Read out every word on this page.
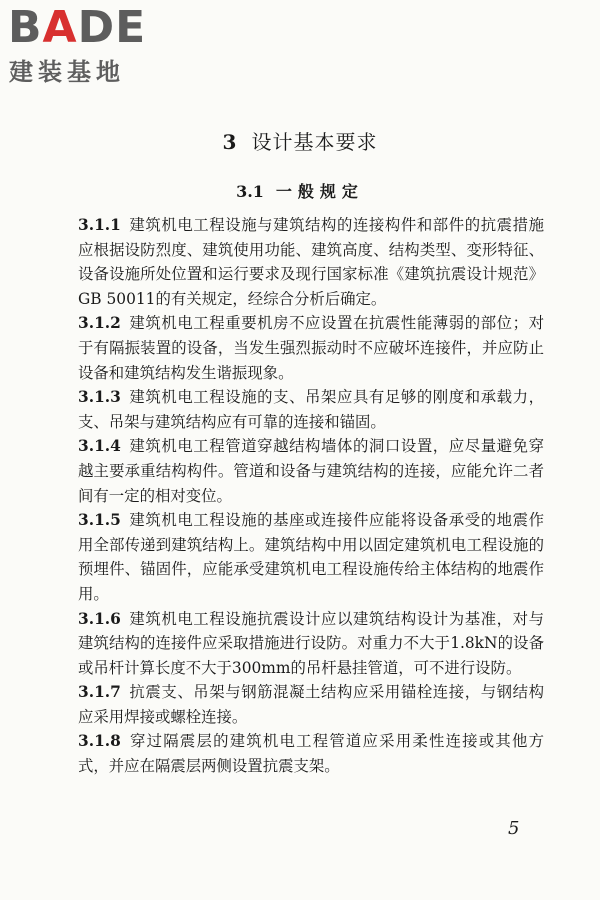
BADE
建装基地
3 设计基本要求
3.1 一般规定

3.1.1 建筑机电工程设施与建筑结构的连接构件和部件的抗震措施应根据设防烈度、建筑使用功能、建筑高度、结构类型、变形特征、设备设施所处位置和运行要求及现行国家标准《建筑抗震设计规范》GB 50011的有关规定，经综合分析后确定。

3.1.2 建筑机电工程重要机房不应设置在抗震性能薄弱的部位；对于有隔振装置的设备，当发生强烈振动时不应破坏连接件，并应防止设备和建筑结构发生谐振现象。

3.1.3 建筑机电工程设施的支、吊架应具有足够的刚度和承载力，支、吊架与建筑结构应有可靠的连接和锚固。

3.1.4 建筑机电工程管道穿越结构墙体的洞口设置，应尽量避免穿越主要承重结构构件。管道和设备与建筑结构的连接，应能允许二者间有一定的相对变位。

3.1.5 建筑机电工程设施的基座或连接件应能将设备承受的地震作用全部传递到建筑结构上。建筑结构中用以固定建筑机电工程设施的预埋件、锚固件，应能承受建筑机电工程设施传给主体结构的地震作用。

3.1.6 建筑机电工程设施抗震设计应以建筑结构设计为基准，对与建筑结构的连接件应采取措施进行设防。对重力不大于1.8kN的设备或吊杆计算长度不大于300mm的吊杆悬挂管道，可不进行设防。

3.1.7 抗震支、吊架与钢筋混凝土结构应采用锚栓连接，与钢结构应采用焊接或螺栓连接。

3.1.8 穿过隔震层的建筑机电工程管道应采用柔性连接或其他方式，并应在隔震层两侧设置抗震支架。

5
